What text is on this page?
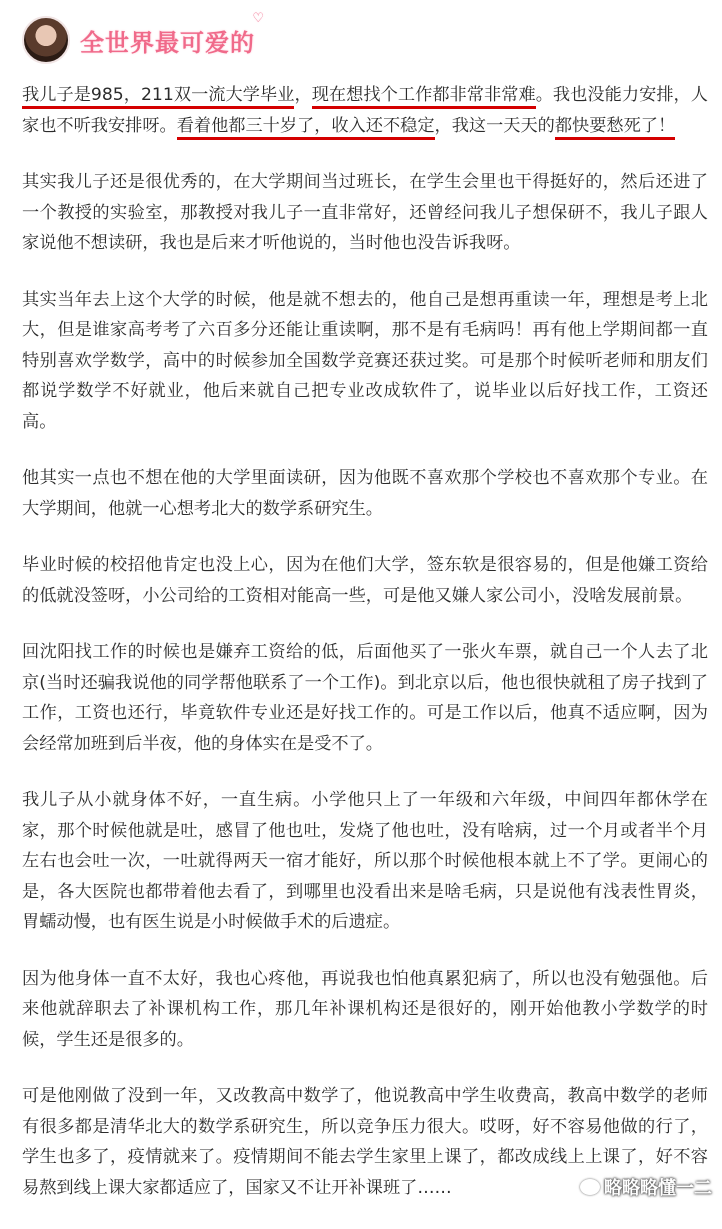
全世界最可爱的
♡

我儿子是985，211双一流大学毕业，现在想找个工作都非常非常难。我也没能力安排，人家也不听我安排呀。看着他都三十岁了，收入还不稳定，我这一天天的都快要愁死了！

其实我儿子还是很优秀的，在大学期间当过班长，在学生会里也干得挺好的，然后还进了一个教授的实验室，那教授对我儿子一直非常好，还曾经问我儿子想保研不，我儿子跟人家说他不想读研，我也是后来才听他说的，当时他也没告诉我呀。

其实当年去上这个大学的时候，他是就不想去的，他自己是想再重读一年，理想是考上北大，但是谁家高考考了六百多分还能让重读啊，那不是有毛病吗！再有他上学期间都一直特别喜欢学数学，高中的时候参加全国数学竞赛还获过奖。可是那个时候听老师和朋友们都说学数学不好就业，他后来就自己把专业改成软件了，说毕业以后好找工作，工资还高。

他其实一点也不想在他的大学里面读研，因为他既不喜欢那个学校也不喜欢那个专业。在大学期间，他就一心想考北大的数学系研究生。

毕业时候的校招他肯定也没上心，因为在他们大学，签东软是很容易的，但是他嫌工资给的低就没签呀，小公司给的工资相对能高一些，可是他又嫌人家公司小，没啥发展前景。

回沈阳找工作的时候也是嫌弃工资给的低，后面他买了一张火车票，就自己一个人去了北京(当时还骗我说他的同学帮他联系了一个工作)。到北京以后，他也很快就租了房子找到了工作，工资也还行，毕竟软件专业还是好找工作的。可是工作以后，他真不适应啊，因为会经常加班到后半夜，他的身体实在是受不了。

我儿子从小就身体不好，一直生病。小学他只上了一年级和六年级，中间四年都休学在家，那个时候他就是吐，感冒了他也吐，发烧了他也吐，没有啥病，过一个月或者半个月左右也会吐一次，一吐就得两天一宿才能好，所以那个时候他根本就上不了学。更闹心的是，各大医院也都带着他去看了，到哪里也没看出来是啥毛病，只是说他有浅表性胃炎，胃蠕动慢，也有医生说是小时候做手术的后遗症。

因为他身体一直不太好，我也心疼他，再说我也怕他真累犯病了，所以也没有勉强他。后来他就辞职去了补课机构工作，那几年补课机构还是很好的，刚开始他教小学数学的时候，学生还是很多的。

可是他刚做了没到一年，又改教高中数学了，他说教高中学生收费高，教高中数学的老师有很多都是清华北大的数学系研究生，所以竞争压力很大。哎呀，好不容易他做的行了，学生也多了，疫情就来了。疫情期间不能去学生家里上课了，都改成线上上课了，好不容易熬到线上课大家都适应了，国家又不让开补课班了……	略略略懂一二
